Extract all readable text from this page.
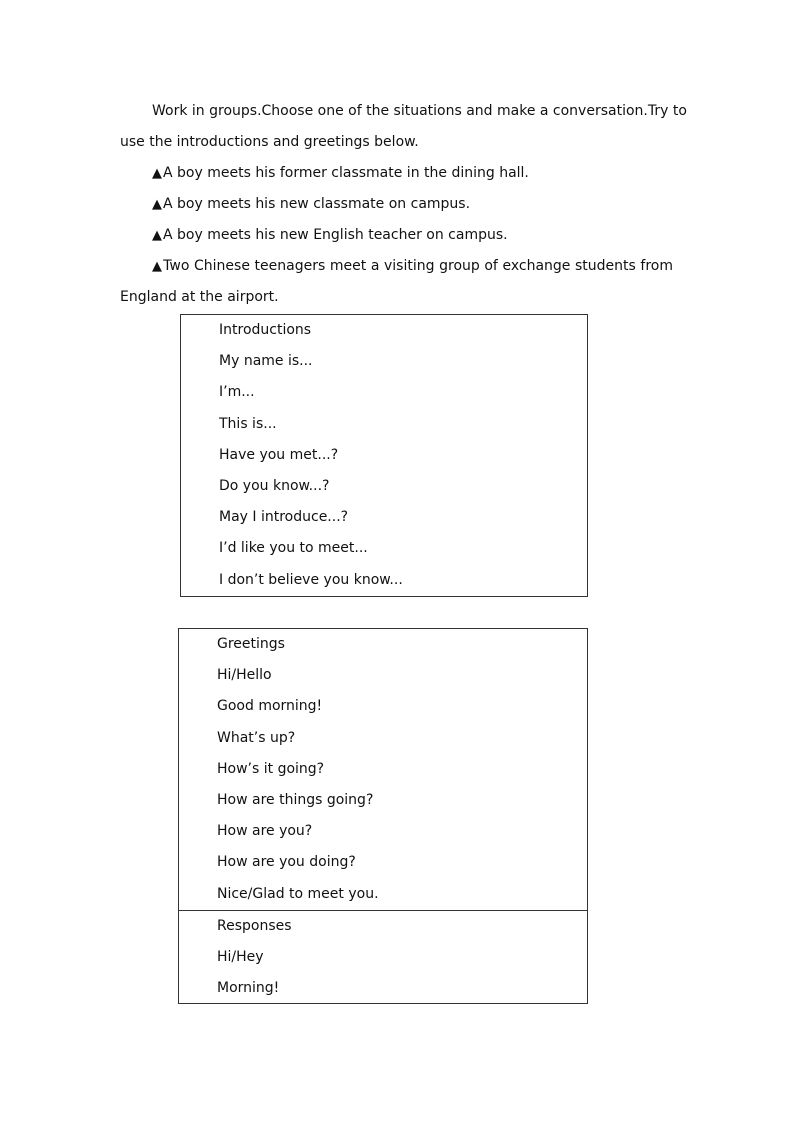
Work in groups.Choose one of the situations and make a conversation.Try to
use the introductions and greetings below.
▲A boy meets his former classmate in the dining hall.
▲A boy meets his new classmate on campus.
▲A boy meets his new English teacher on campus.
▲Two Chinese teenagers meet a visiting group of exchange students from
England at the airport.
Introductions
My name is...
I’m...
This is...
Have you met...?
Do you know...?
May I introduce...?
I’d like you to meet...
I don’t believe you know...
Greetings
Hi/Hello
Good morning!
What’s up?
How’s it going?
How are things going?
How are you?
How are you doing?
Nice/Glad to meet you.
Responses
Hi/Hey
Morning!
